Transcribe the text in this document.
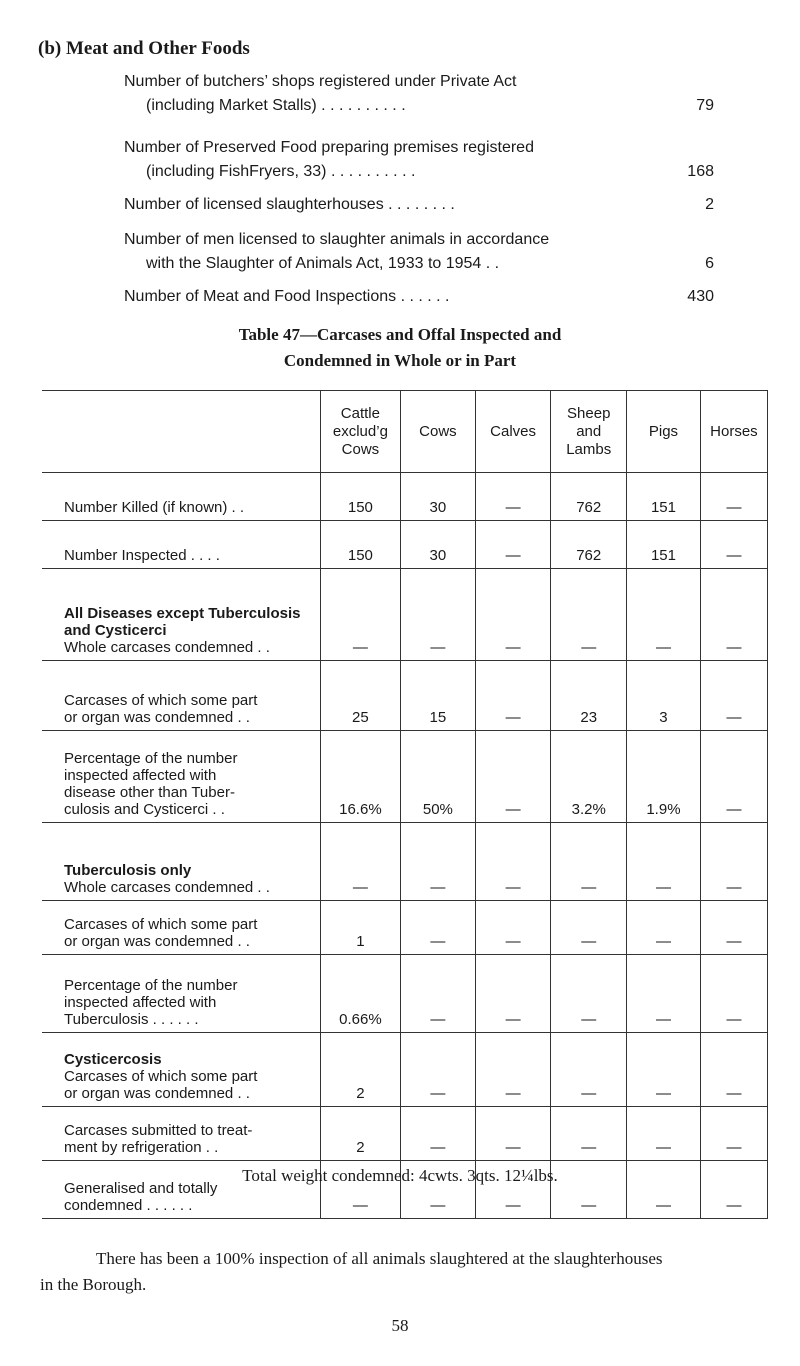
(b) Meat and Other Foods
Number of butchers’ shops registered under Private Act
(including Market Stalls) . . . . . . . . . .	79
Number of Preserved Food preparing premises registered
(including FishFryers, 33) . . . . . . . . . .	168
Number of licensed slaughterhouses . . . . . . . .	2
Number of men licensed to slaughter animals in accordance
with the Slaughter of Animals Act, 1933 to 1954 . .	6
Number of Meat and Food Inspections . . . . . .	430
Table 47—Carcases and Offal Inspected and
Condemned in Whole or in Part
	Cattle
exclud’g
Cows	Cows	Calves	Sheep
and
Lambs	Pigs	Horses

Number Killed (if known) . .	150	30	—	762	151	—

Number Inspected . . . .	150	30	—	762	151	—

All Diseases except Tuberculosis and Cysticerci
Whole carcases condemned . .	—	—	—	—	—	—

Carcases of which some part
or organ was condemned . .	25	15	—	23	3	—

Percentage of the number
inspected affected with
disease other than Tuber-
culosis and Cysticerci . .	16.6%	50%	—	3.2%	1.9%	—

Tuberculosis only
Whole carcases condemned . .	—	—	—	—	—	—

Carcases of which some part
or organ was condemned . .	1	—	—	—	—	—

Percentage of the number
inspected affected with
Tuberculosis . . . . . .	0.66%	—	—	—	—	—

Cysticercosis
Carcases of which some part
or organ was condemned . .	2	—	—	—	—	—

Carcases submitted to treat-
ment by refrigeration . .	2	—	—	—	—	—

Generalised and totally
condemned . . . . . .	—	—	—	—	—	—
Total weight condemned: 4cwts. 3qts. 12¼lbs.
There has been a 100% inspection of all animals slaughtered at the slaughterhouses
in the Borough.
58
